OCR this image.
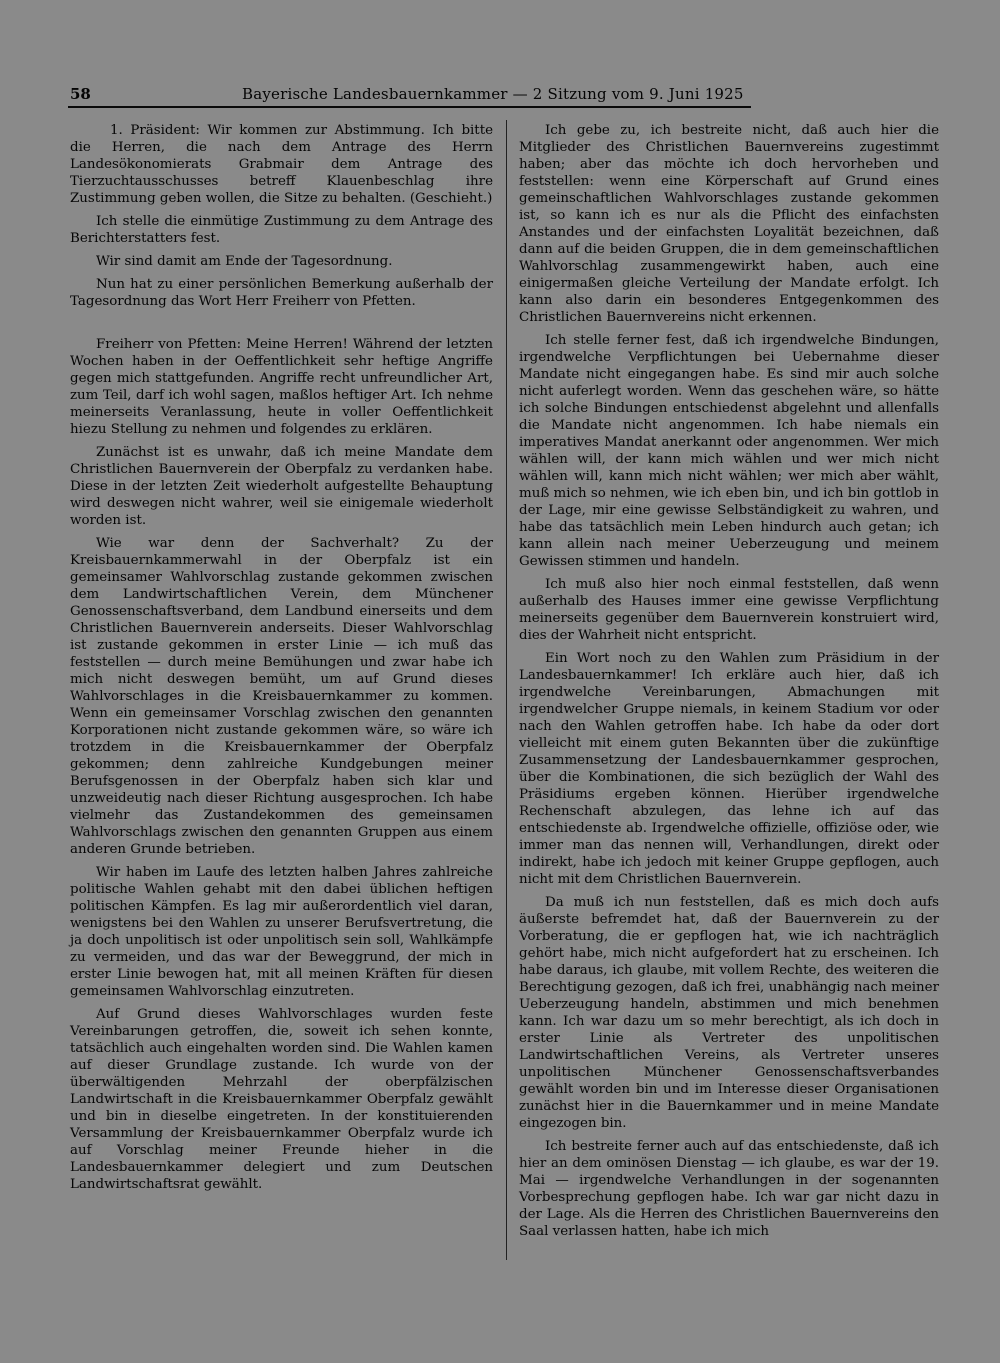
58	Bayerische Landesbauernkammer — 2 Sitzung vom 9. Juni 1925

1. Präsident: Wir kommen zur Abstimmung. Ich bitte die Herren, die nach dem Antrage des Herrn Landesökonomierats Grabmair dem Antrage des Tierzuchtausschusses betreff Klauenbeschlag ihre Zustimmung geben wollen, die Sitze zu behalten. (Geschieht.)

Ich stelle die einmütige Zustimmung zu dem Antrage des Berichterstatters fest.

Wir sind damit am Ende der Tagesordnung.

Nun hat zu einer persönlichen Bemerkung außerhalb der Tagesordnung das Wort Herr Freiherr von Pfetten.

Freiherr von Pfetten: Meine Herren! Während der letzten Wochen haben in der Oeffentlichkeit sehr heftige Angriffe gegen mich stattgefunden. Angriffe recht unfreundlicher Art, zum Teil, darf ich wohl sagen, maßlos heftiger Art. Ich nehme meinerseits Veranlassung, heute in voller Oeffentlichkeit hiezu Stellung zu nehmen und folgendes zu erklären.

Zunächst ist es unwahr, daß ich meine Mandate dem Christlichen Bauernverein der Oberpfalz zu verdanken habe. Diese in der letzten Zeit wiederholt aufgestellte Behauptung wird deswegen nicht wahrer, weil sie einigemale wiederholt worden ist.

Wie war denn der Sachverhalt? Zu der Kreisbauernkammerwahl in der Oberpfalz ist ein gemeinsamer Wahlvorschlag zustande gekommen zwischen dem Landwirtschaftlichen Verein, dem Münchener Genossenschaftsverband, dem Landbund einerseits und dem Christlichen Bauernverein anderseits. Dieser Wahlvorschlag ist zustande gekommen in erster Linie — ich muß das feststellen — durch meine Bemühungen und zwar habe ich mich nicht deswegen bemüht, um auf Grund dieses Wahlvorschlages in die Kreisbauernkammer zu kommen. Wenn ein gemeinsamer Vorschlag zwischen den genannten Korporationen nicht zustande gekommen wäre, so wäre ich trotzdem in die Kreisbauernkammer der Oberpfalz gekommen; denn zahlreiche Kundgebungen meiner Berufsgenossen in der Oberpfalz haben sich klar und unzweideutig nach dieser Richtung ausgesprochen. Ich habe vielmehr das Zustandekommen des gemeinsamen Wahlvorschlags zwischen den genannten Gruppen aus einem anderen Grunde betrieben.

Wir haben im Laufe des letzten halben Jahres zahlreiche politische Wahlen gehabt mit den dabei üblichen heftigen politischen Kämpfen. Es lag mir außerordentlich viel daran, wenigstens bei den Wahlen zu unserer Berufsvertretung, die ja doch unpolitisch ist oder unpolitisch sein soll, Wahlkämpfe zu vermeiden, und das war der Beweggrund, der mich in erster Linie bewogen hat, mit all meinen Kräften für diesen gemeinsamen Wahlvorschlag einzutreten.

Auf Grund dieses Wahlvorschlages wurden feste Vereinbarungen getroffen, die, soweit ich sehen konnte, tatsächlich auch eingehalten worden sind. Die Wahlen kamen auf dieser Grundlage zustande. Ich wurde von der überwältigenden Mehrzahl der oberpfälzischen Landwirtschaft in die Kreisbauernkammer Oberpfalz gewählt und bin in dieselbe eingetreten. In der konstituierenden Versammlung der Kreisbauernkammer Oberpfalz wurde ich auf Vorschlag meiner Freunde hieher in die Landesbauernkammer delegiert und zum Deutschen Landwirtschaftsrat gewählt.

Ich gebe zu, ich bestreite nicht, daß auch hier die Mitglieder des Christlichen Bauernvereins zugestimmt haben; aber das möchte ich doch hervorheben und feststellen: wenn eine Körperschaft auf Grund eines gemeinschaftlichen Wahlvorschlages zustande gekommen ist, so kann ich es nur als die Pflicht des einfachsten Anstandes und der einfachsten Loyalität bezeichnen, daß dann auf die beiden Gruppen, die in dem gemeinschaftlichen Wahlvorschlag zusammengewirkt haben, auch eine einigermaßen gleiche Verteilung der Mandate erfolgt. Ich kann also darin ein besonderes Entgegenkommen des Christlichen Bauernvereins nicht erkennen.

Ich stelle ferner fest, daß ich irgendwelche Bindungen, irgendwelche Verpflichtungen bei Uebernahme dieser Mandate nicht eingegangen habe. Es sind mir auch solche nicht auferlegt worden. Wenn das geschehen wäre, so hätte ich solche Bindungen entschiedenst abgelehnt und allenfalls die Mandate nicht angenommen. Ich habe niemals ein imperatives Mandat anerkannt oder angenommen. Wer mich wählen will, der kann mich wählen und wer mich nicht wählen will, kann mich nicht wählen; wer mich aber wählt, muß mich so nehmen, wie ich eben bin, und ich bin gottlob in der Lage, mir eine gewisse Selbständigkeit zu wahren, und habe das tatsächlich mein Leben hindurch auch getan; ich kann allein nach meiner Ueberzeugung und meinem Gewissen stimmen und handeln.

Ich muß also hier noch einmal feststellen, daß wenn außerhalb des Hauses immer eine gewisse Verpflichtung meinerseits gegenüber dem Bauernverein konstruiert wird, dies der Wahrheit nicht entspricht.

Ein Wort noch zu den Wahlen zum Präsidium in der Landesbauernkammer! Ich erkläre auch hier, daß ich irgendwelche Vereinbarungen, Abmachungen mit irgendwelcher Gruppe niemals, in keinem Stadium vor oder nach den Wahlen getroffen habe. Ich habe da oder dort vielleicht mit einem guten Bekannten über die zukünftige Zusammensetzung der Landesbauernkammer gesprochen, über die Kombinationen, die sich bezüglich der Wahl des Präsidiums ergeben können. Hierüber irgendwelche Rechenschaft abzulegen, das lehne ich auf das entschiedenste ab. Irgendwelche offizielle, offiziöse oder, wie immer man das nennen will, Verhandlungen, direkt oder indirekt, habe ich jedoch mit keiner Gruppe gepflogen, auch nicht mit dem Christlichen Bauernverein.

Da muß ich nun feststellen, daß es mich doch aufs äußerste befremdet hat, daß der Bauernverein zu der Vorberatung, die er gepflogen hat, wie ich nachträglich gehört habe, mich nicht aufgefordert hat zu erscheinen. Ich habe daraus, ich glaube, mit vollem Rechte, des weiteren die Berechtigung gezogen, daß ich frei, unabhängig nach meiner Ueberzeugung handeln, abstimmen und mich benehmen kann. Ich war dazu um so mehr berechtigt, als ich doch in erster Linie als Vertreter des unpolitischen Landwirtschaftlichen Vereins, als Vertreter unseres unpolitischen Münchener Genossenschaftsverbandes gewählt worden bin und im Interesse dieser Organisationen zunächst hier in die Bauernkammer und in meine Mandate eingezogen bin.

Ich bestreite ferner auch auf das entschiedenste, daß ich hier an dem ominösen Dienstag — ich glaube, es war der 19. Mai — irgendwelche Verhandlungen in der sogenannten Vorbesprechung gepflogen habe. Ich war gar nicht dazu in der Lage. Als die Herren des Christlichen Bauernvereins den Saal verlassen hatten, habe ich mich
